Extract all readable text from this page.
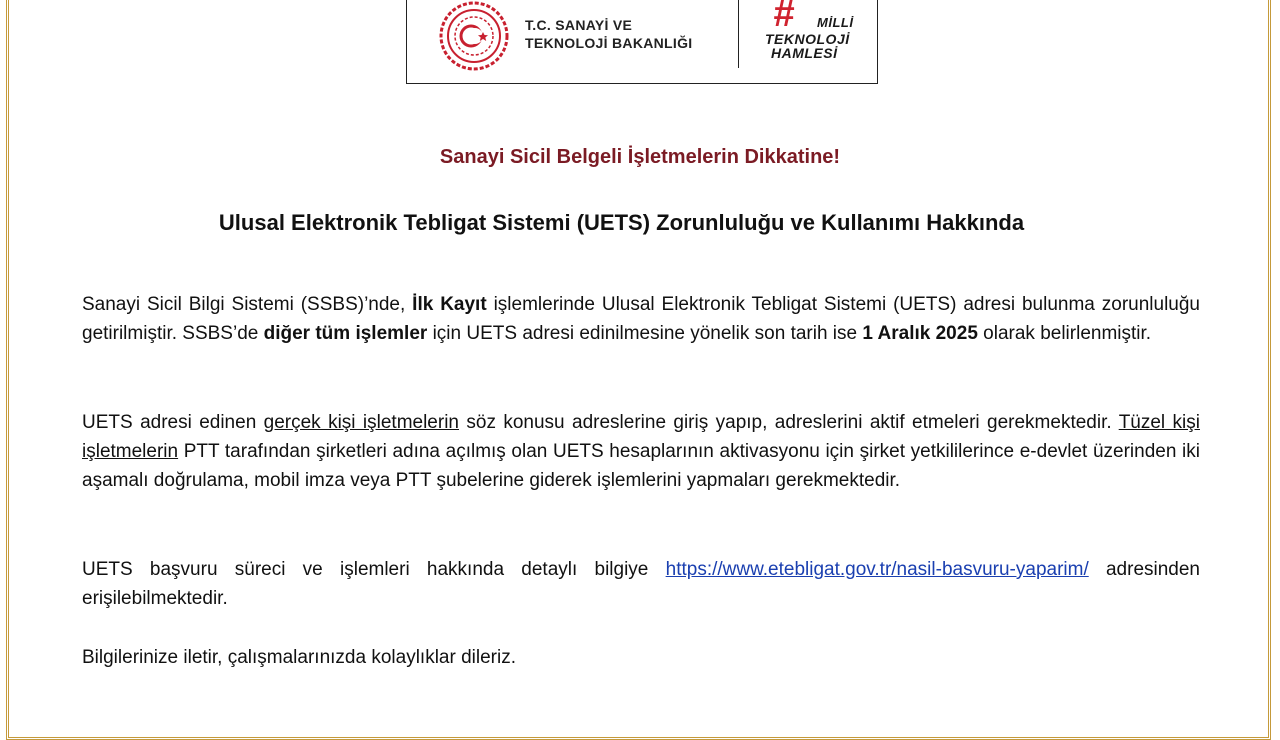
T.C. SANAYİ VE
TEKNOLOJİ BAKANLIĞI
# MİLLİ
TEKNOLOJİ
HAMLESİ
Sanayi Sicil Belgeli İşletmelerin Dikkatine!
Ulusal Elektronik Tebligat Sistemi (UETS) Zorunluluğu ve Kullanımı Hakkında
Sanayi Sicil Bilgi Sistemi (SSBS)’nde, İlk Kayıt işlemlerinde Ulusal Elektronik Tebligat Sistemi (UETS) adresi bulunma zorunluluğu getirilmiştir. SSBS’de diğer tüm işlemler için UETS adresi edinilmesine yönelik son tarih ise 1 Aralık 2025 olarak belirlenmiştir.
UETS adresi edinen gerçek kişi işletmelerin söz konusu adreslerine giriş yapıp, adreslerini aktif etmeleri gerekmektedir. Tüzel kişi işletmelerin PTT tarafından şirketleri adına açılmış olan UETS hesaplarının aktivasyonu için şirket yetkililerince e-devlet üzerinden iki aşamalı doğrulama, mobil imza veya PTT şubelerine giderek işlemlerini yapmaları gerekmektedir.
UETS başvuru süreci ve işlemleri hakkında detaylı bilgiye https://www.etebligat.gov.tr/nasil-basvuru-yaparim/ adresinden erişilebilmektedir.
Bilgilerinize iletir, çalışmalarınızda kolaylıklar dileriz.
